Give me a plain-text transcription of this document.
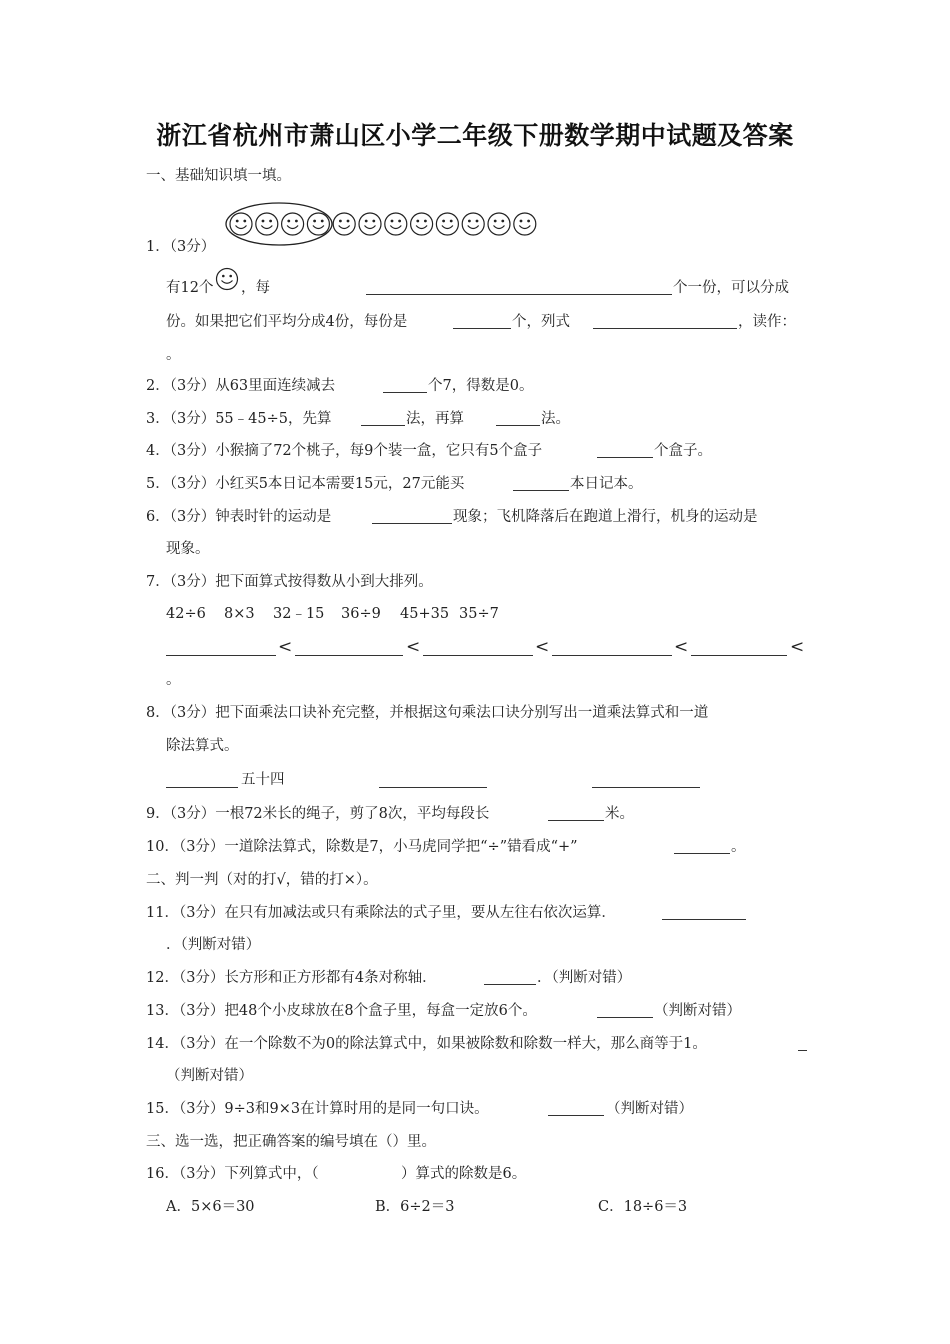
浙江省杭州市萧山区小学二年级下册数学期中试题及答案
一、基础知识填一填。
1．（3分）
有12个 ，每	个一份，可以分成
份。如果把它们平均分成4份，每份是	个，列式	，读作：
。
2．（3分）从63里面连续减去	个7，得数是0。
3．（3分）55﹣45÷5，先算	法，再算	法。
4．（3分）小猴摘了72个桃子，每9个装一盒，它只有5个盒子	个盒子。
5．（3分）小红买5本日记本需要15元，27元能买	本日记本。
6．（3分）钟表时针的运动是	现象；飞机降落后在跑道上滑行，机身的运动是
现象。
7．（3分）把下面算式按得数从小到大排列。
42÷6 8×3 32﹣15 36÷9 45+35 35÷7
<	<	<	<	<
。
8．（3分）把下面乘法口诀补充完整，并根据这句乘法口诀分别写出一道乘法算式和一道
除法算式。
五十四
9．（3分）一根72米长的绳子，剪了8次，平均每段长	米。
10．（3分）一道除法算式，除数是7，小马虎同学把“÷”错看成“+”	。
二、判一判（对的打√，错的打×）。
11．（3分）在只有加减法或只有乘除法的式子里，要从左往右依次运算．
．（判断对错）
12．（3分）长方形和正方形都有4条对称轴．	．（判断对错）
13．（3分）把48个小皮球放在8个盒子里，每盒一定放6个。	（判断对错）
14．（3分）在一个除数不为0的除法算式中，如果被除数和除数一样大，那么商等于1。
（判断对错）
15．（3分）9÷3和9×3在计算时用的是同一句口诀。	（判断对错）
三、选一选，把正确答案的编号填在（）里。
16．（3分）下列算式中，（	）算式的除数是6。
A．5×6＝30	B．6÷2＝3	C．18÷6＝3
